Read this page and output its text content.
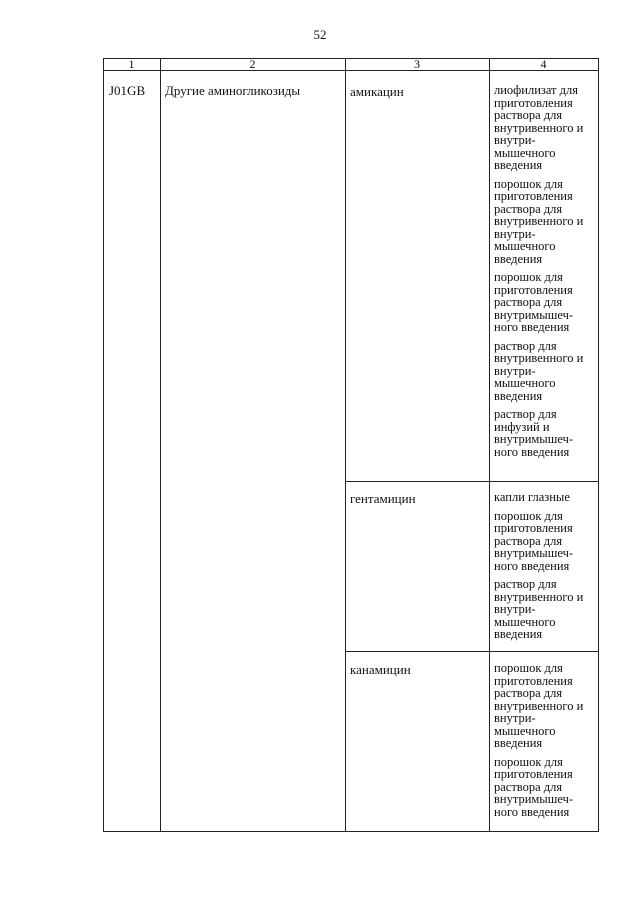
52
1	2	3	4
J01GB Другие аминогликозиды	амикацин	лиофилизат для приготовления раствора для внутривенного и внутри-мышечного введения
порошок для приготовления раствора для внутривенного и внутри-мышечного введения
порошок для приготовления раствора для внутримышеч-ного введения
раствор для внутривенного и внутри-мышечного введения
раствор для инфузий и внутримышеч-ного введения
гентамицин	капли глазные
порошок для приготовления раствора для внутримышеч-ного введения
раствор для внутривенного и внутри-мышечного введения
канамицин	порошок для приготовления раствора для внутривенного и внутри-мышечного введения
порошок для приготовления раствора для внутримышеч-ного введения
